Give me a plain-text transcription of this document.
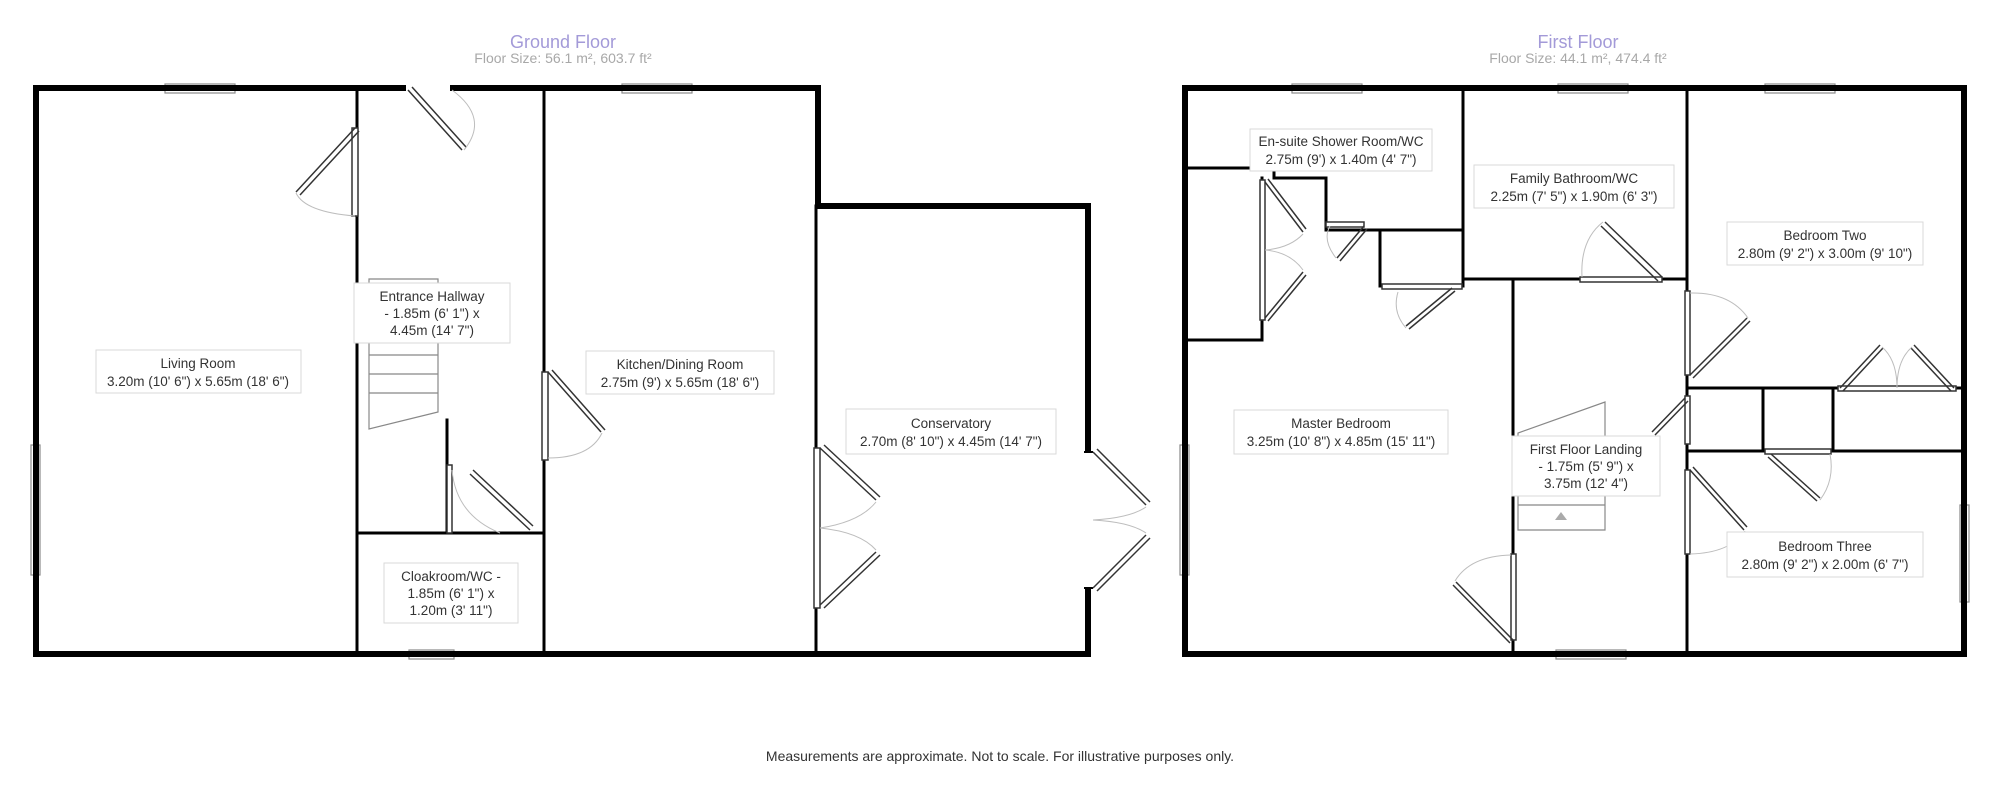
Ground Floor
Floor Size: 56.1 m², 603.7 ft²
First Floor
Floor Size: 44.1 m², 474.4 ft²
Living Room
3.20m (10' 6") x 5.65m (18' 6")
Entrance Hallway
- 1.85m (6' 1") x
4.45m (14' 7")
Kitchen/Dining Room
2.75m (9') x 5.65m (18' 6")
Conservatory
2.70m (8' 10") x 4.45m (14' 7")
Cloakroom/WC -
1.85m (6' 1") x
1.20m (3' 11")
En-suite Shower Room/WC
2.75m (9') x 1.40m (4' 7")
Family Bathroom/WC
2.25m (7' 5") x 1.90m (6' 3")
Bedroom Two
2.80m (9' 2") x 3.00m (9' 10")
Master Bedroom
3.25m (10' 8") x 4.85m (15' 11")
First Floor Landing
- 1.75m (5' 9") x
3.75m (12' 4")
Bedroom Three
2.80m (9' 2") x 2.00m (6' 7")
Measurements are approximate. Not to scale. For illustrative purposes only.
